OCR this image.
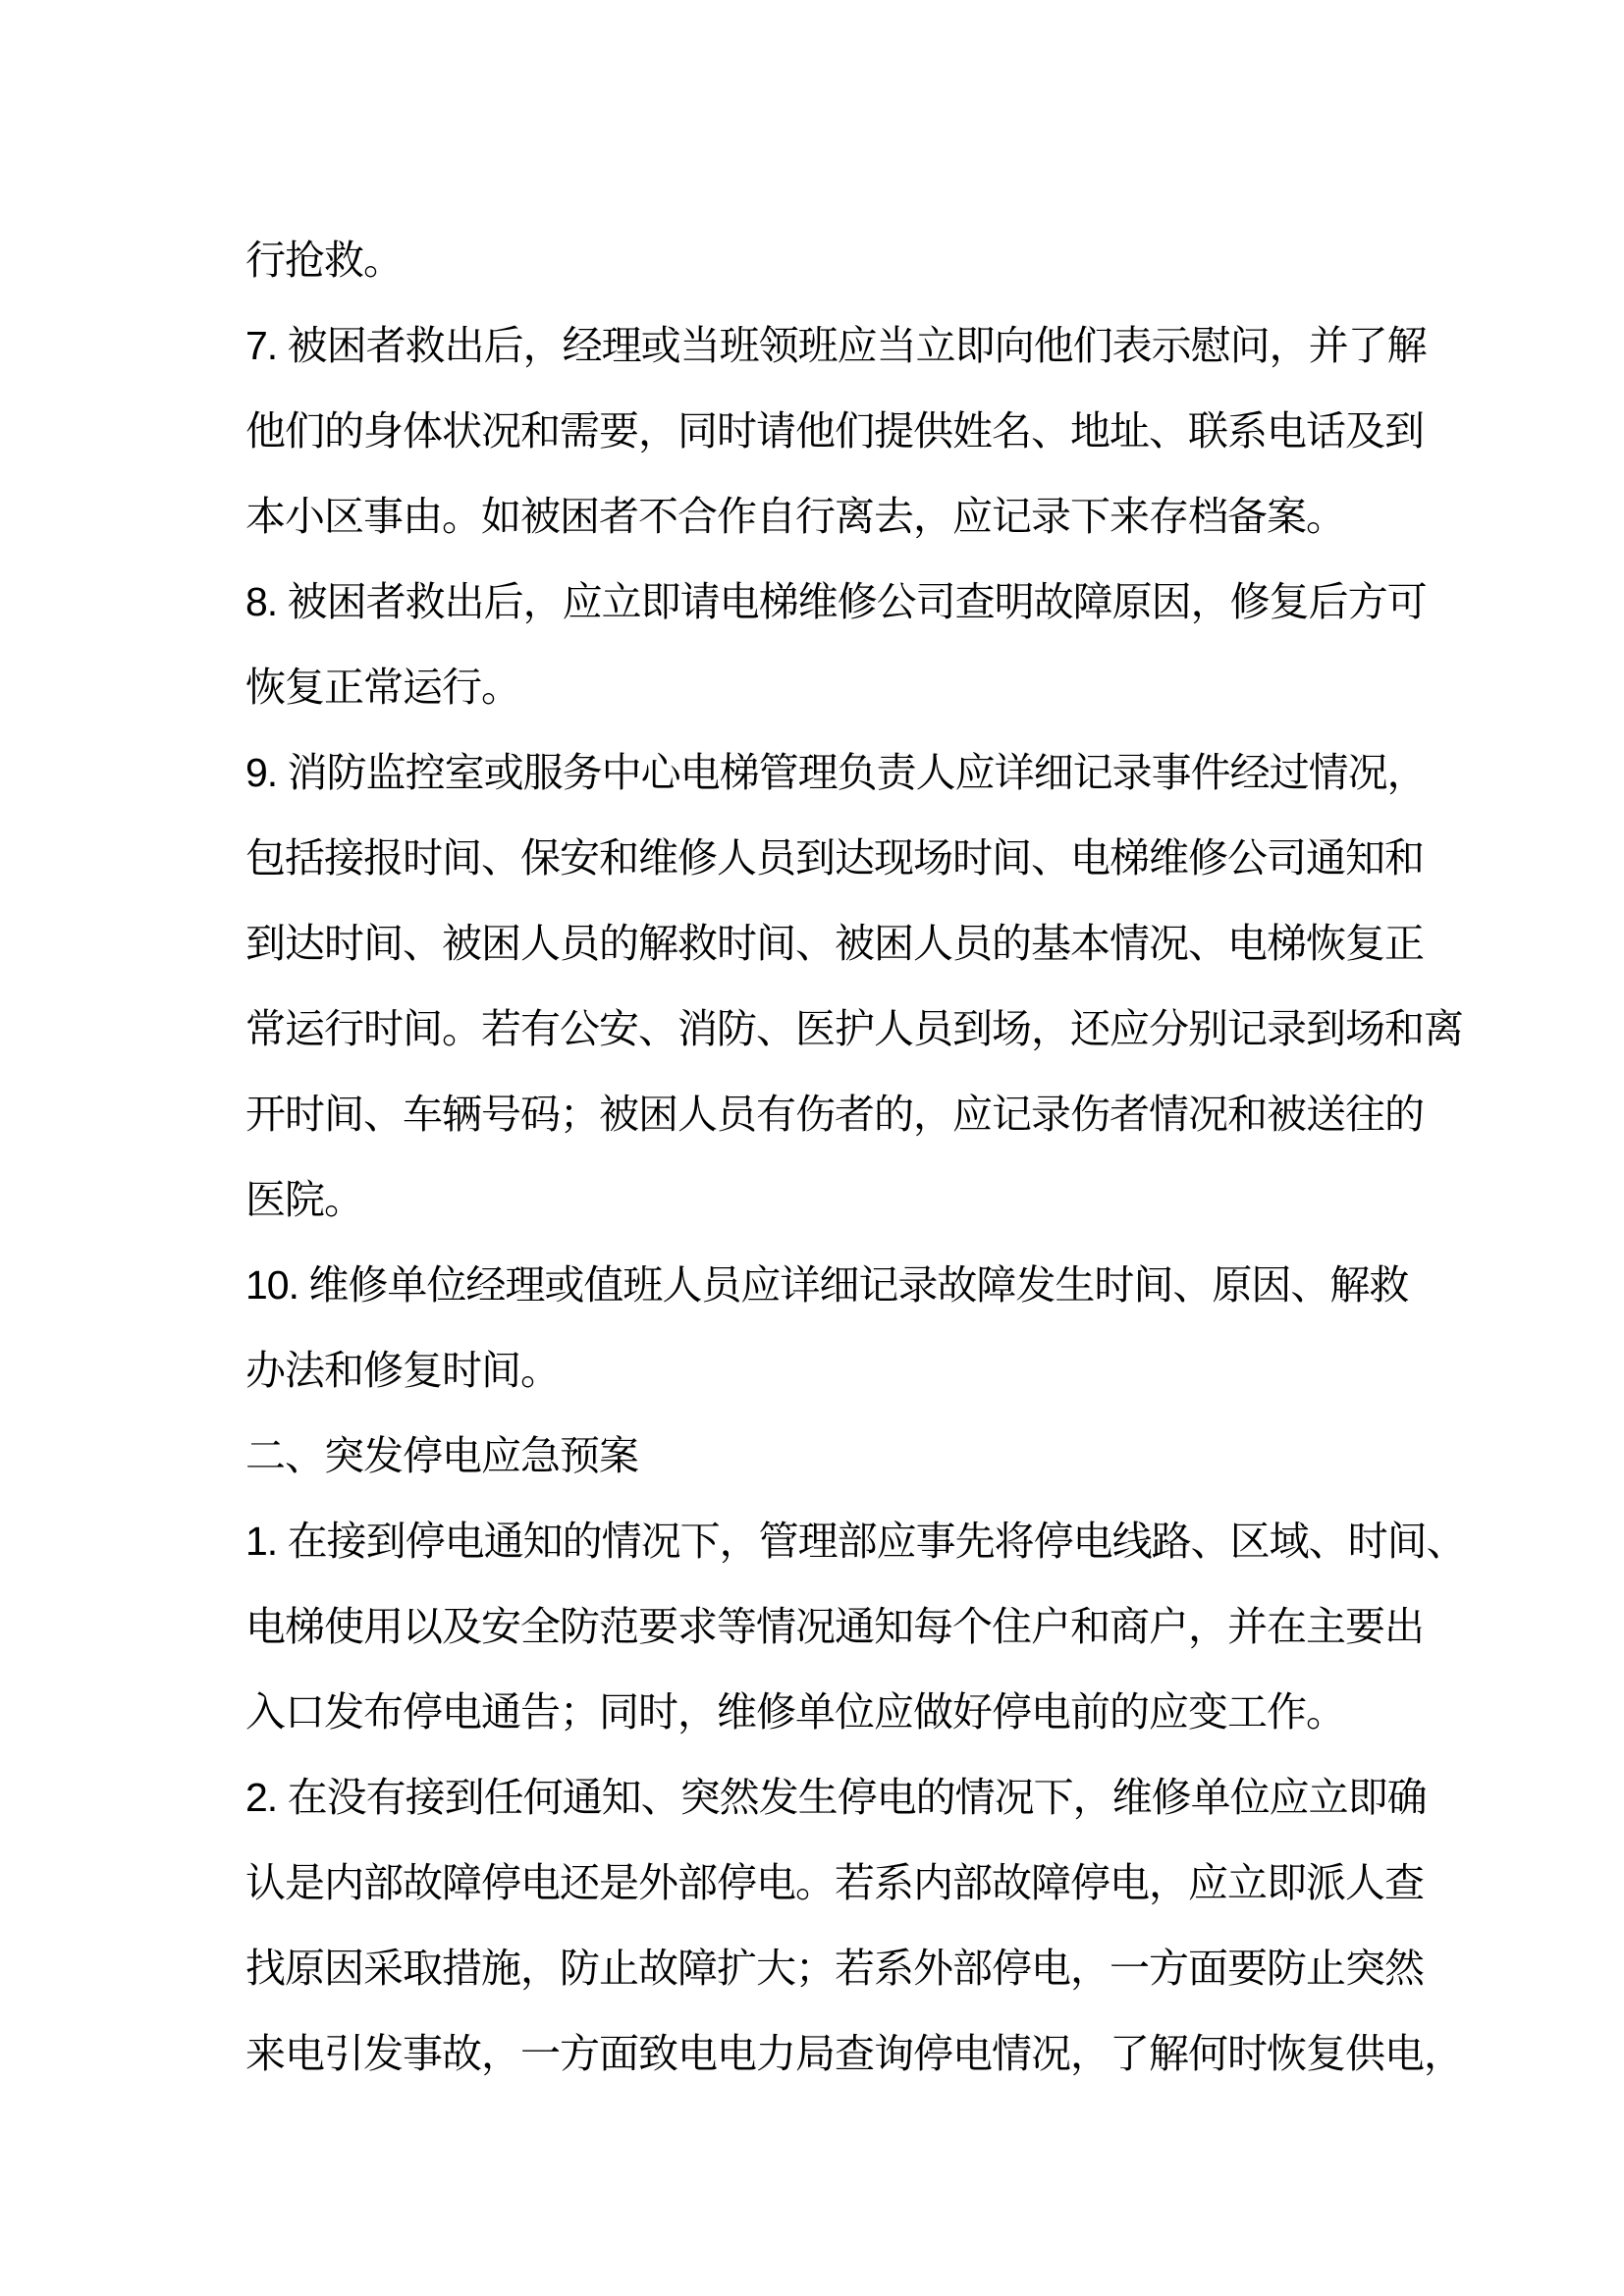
行抢救。
7. 被困者救出后，经理或当班领班应当立即向他们表示慰问，并了解
他们的身体状况和需要，同时请他们提供姓名、地址、联系电话及到
本小区事由。如被困者不合作自行离去，应记录下来存档备案。
8. 被困者救出后，应立即请电梯维修公司查明故障原因，修复后方可
恢复正常运行。
9. 消防监控室或服务中心电梯管理负责人应详细记录事件经过情况，
包括接报时间、保安和维修人员到达现场时间、电梯维修公司通知和
到达时间、被困人员的解救时间、被困人员的基本情况、电梯恢复正
常运行时间。若有公安、消防、医护人员到场，还应分别记录到场和离
开时间、车辆号码；被困人员有伤者的，应记录伤者情况和被送往的
医院。
10. 维修单位经理或值班人员应详细记录故障发生时间、原因、解救
办法和修复时间。
二、突发停电应急预案
1. 在接到停电通知的情况下，管理部应事先将停电线路、区域、时间、
电梯使用以及安全防范要求等情况通知每个住户和商户，并在主要出
入口发布停电通告；同时，维修单位应做好停电前的应变工作。
2. 在没有接到任何通知、突然发生停电的情况下，维修单位应立即确
认是内部故障停电还是外部停电。若系内部故障停电，应立即派人查
找原因采取措施，防止故障扩大；若系外部停电，一方面要防止突然
来电引发事故，一方面致电电力局查询停电情况，了解何时恢复供电，
